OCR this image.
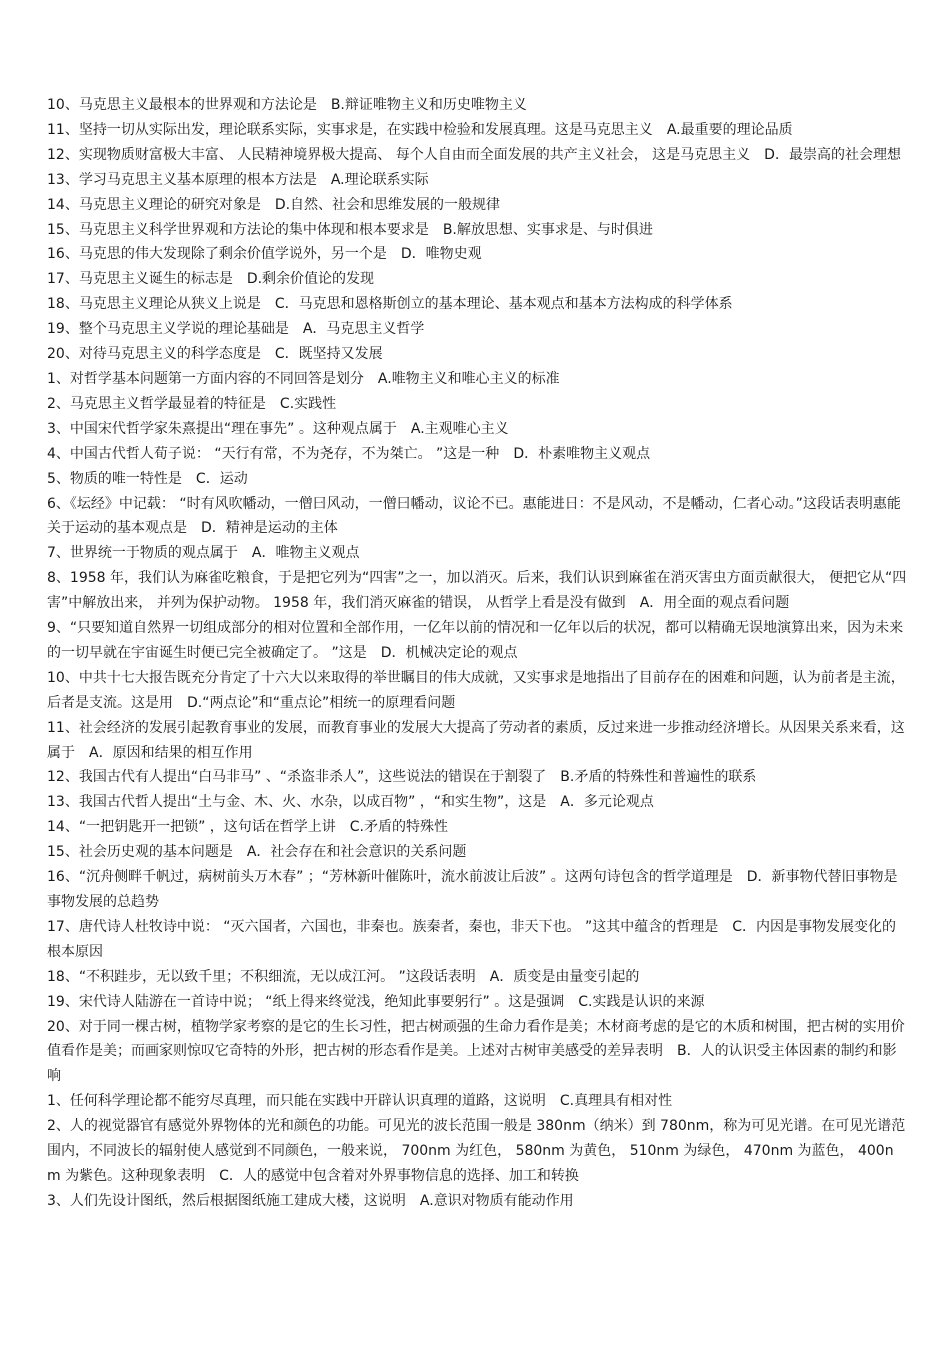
10、马克思主义最根本的世界观和方法论是  B.辩证唯物主义和历史唯物主义

11、坚持一切从实际出发，理论联系实际，实事求是，在实践中检验和发展真理。这是马克思主义  A.最重要的理论品质

12、实现物质财富极大丰富、 人民精神境界极大提高、 每个人自由而全面发展的共产主义社会， 这是马克思主义  D．最崇高的社会理想

13、学习马克思主义基本原理的根本方法是  A.理论联系实际

14、马克思主义理论的研究对象是  D.自然、社会和思维发展的一般规律

15、马克思主义科学世界观和方法论的集中体现和根本要求是  B.解放思想、实事求是、与时俱进

16、马克思的伟大发现除了剩余价值学说外，另一个是  D．唯物史观

17、马克思主义诞生的标志是  D.剩余价值论的发现

18、马克思主义理论从狭义上说是  C．马克思和恩格斯创立的基本理论、基本观点和基本方法构成的科学体系

19、整个马克思主义学说的理论基础是  A．马克思主义哲学

20、对待马克思主义的科学态度是  C．既坚持又发展

1、对哲学基本问题第一方面内容的不同回答是划分  A.唯物主义和唯心主义的标准

2、马克思主义哲学最显着的特征是  C.实践性

3、中国宋代哲学家朱熹提出“理在事先” 。这种观点属于  A.主观唯心主义

4、中国古代哲人荀子说： “天行有常，不为尧存，不为桀亡。 ”这是一种  D．朴素唯物主义观点

5、物质的唯一特性是  C．运动

6、《坛经》中记载： “时有风吹幡动，一僧曰风动，一僧曰幡动，议论不已。惠能进日：不是风动，不是幡动，仁者心动。”这段话表明惠能关于运动的基本观点是  D．精神是运动的主体

7、世界统一于物质的观点属于  A．唯物主义观点

8、1958 年，我们认为麻雀吃粮食，于是把它列为“四害”之一，加以消灭。后来，我们认识到麻雀在消灭害虫方面贡献很大， 便把它从“四害”中解放出来， 并列为保护动物。 1958 年，我们消灭麻雀的错误， 从哲学上看是没有做到  A．用全面的观点看问题

9、“只要知道自然界一切组成部分的相对位置和全部作用，一亿年以前的情况和一亿年以后的状况，都可以精确无误地演算出来，因为未来的一切早就在宇宙诞生时便已完全被确定了。 ”这是  D．机械决定论的观点

10、中共十七大报告既充分肯定了十六大以来取得的举世瞩目的伟大成就，又实事求是地指出了目前存在的困难和问题，认为前者是主流，后者是支流。这是用  D.“两点论”和“重点论”相统一的原理看问题

11、社会经济的发展引起教育事业的发展，而教育事业的发展大大提高了劳动者的素质，反过来进一步推动经济增长。从因果关系来看，这属于  A．原因和结果的相互作用

12、我国古代有人提出“白马非马” 、“杀盗非杀人”，这些说法的错误在于割裂了  B.矛盾的特殊性和普遍性的联系

13、我国古代哲人提出“土与金、木、火、水杂，以成百物” ，“和实生物”，这是  A．多元论观点

14、“一把钥匙开一把锁” ，这句话在哲学上讲  C.矛盾的特殊性

15、社会历史观的基本问题是  A．社会存在和社会意识的关系问题

16、“沉舟侧畔千帆过，病树前头万木春” ；“芳林新叶催陈叶，流水前波让后波” 。这两句诗包含的哲学道理是  D．新事物代替旧事物是事物发展的总趋势

17、唐代诗人杜牧诗中说： “灭六国者，六国也，非秦也。族秦者，秦也，非天下也。 ”这其中蕴含的哲理是  C．内因是事物发展变化的根本原因

18、“不积跬步，无以致千里；不积细流，无以成江河。 ”这段话表明  A．质变是由量变引起的

19、宋代诗人陆游在一首诗中说； “纸上得来终觉浅，绝知此事要躬行” 。这是强调  C.实践是认识的来源

20、对于同一棵古树，植物学家考察的是它的生长习性，把古树顽强的生命力看作是美；木材商考虑的是它的木质和树围，把古树的实用价值看作是美；而画家则惊叹它奇特的外形，把古树的形态看作是美。上述对古树审美感受的差异表明  B．人的认识受主体因素的制约和影响

1、任何科学理论都不能穷尽真理，而只能在实践中开辟认识真理的道路，这说明  C.真理具有相对性

2、人的视觉器官有感觉外界物体的光和颜色的功能。可见光的波长范围一般是 380nm（纳米）到 780nm，称为可见光谱。在可见光谱范围内，不同波长的辐射使人感觉到不同颜色，一般来说， 700nm 为红色， 580nm 为黄色， 510nm 为绿色， 470nm 为蓝色， 400nm 为紫色。这种现象表明  C．人的感觉中包含着对外界事物信息的选择、加工和转换

3、人们先设计图纸，然后根据图纸施工建成大楼，这说明  A.意识对物质有能动作用
